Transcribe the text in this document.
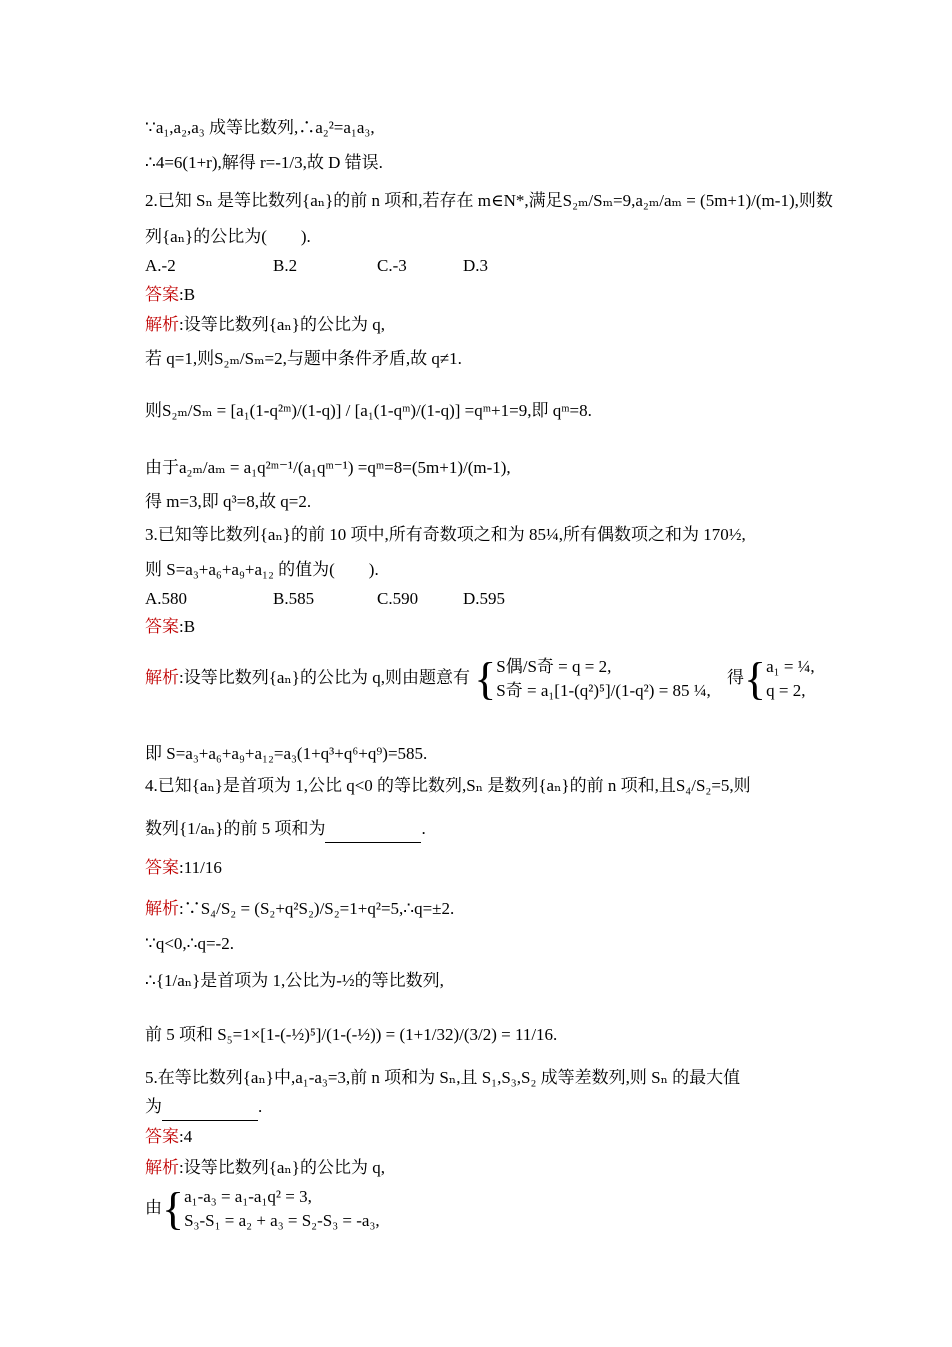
∵a₁,a₂,a₃ 成等比数列,∴a₂²=a₁a₃,
∴4=6(1+r),解得 r=-1/3,故 D 错误.
2.已知 Sₙ 是等比数列{aₙ}的前 n 项和,若存在 m∈N*,满足S₂ₘ/Sₘ=9,a₂ₘ/aₘ = (5m+1)/(m-1),则数
列{aₙ}的公比为(　　).
A.-2	B.2	C.-3	D.3
答案:B
解析:设等比数列{aₙ}的公比为 q,
若 q=1,则S₂ₘ/Sₘ=2,与题中条件矛盾,故 q≠1.
则S₂ₘ/Sₘ = [a₁(1-q²ᵐ)/(1-q)] / [a₁(1-qᵐ)/(1-q)] =qᵐ+1=9,即 qᵐ=8.
由于a₂ₘ/aₘ = a₁q²ᵐ⁻¹/(a₁qᵐ⁻¹) =qᵐ=8=(5m+1)/(m-1),
得 m=3,即 q³=8,故 q=2.
3.已知等比数列{aₙ}的前 10 项中,所有奇数项之和为 85¼,所有偶数项之和为 170½,
则 S=a₃+a₆+a₉+a₁₂ 的值为(　　).
A.580	B.585	C.590	D.595
答案:B
解析:设等比数列{aₙ}的公比为 q,则由题意有 { S偶/S奇 = q = 2,
S奇 = a₁[1-(q²)⁵]/(1-q²) = 85 ¼,
得{ a₁ = ¼,
q = 2,
即 S=a₃+a₆+a₉+a₁₂=a₃(1+q³+q⁶+q⁹)=585.
4.已知{aₙ}是首项为 1,公比 q<0 的等比数列,Sₙ 是数列{aₙ}的前 n 项和,且S₄/S₂=5,则
数列{1/aₙ}的前 5 项和为	.
答案:11/16
解析:∵S₄/S₂ = (S₂+q²S₂)/S₂=1+q²=5,∴q=±2.
∵q<0,∴q=-2.
∴{1/aₙ}是首项为 1,公比为-½的等比数列,
前 5 项和 S₅=1×[1-(-½)⁵]/(1-(-½)) = (1+1/32)/(3/2) = 11/16.
5.在等比数列{aₙ}中,a₁-a₃=3,前 n 项和为 Sₙ,且 S₁,S₃,S₂ 成等差数列,则 Sₙ 的最大值
为	.
答案:4
解析:设等比数列{aₙ}的公比为 q,
由{ a₁-a₃ = a₁-a₁q² = 3,
S₃-S₁ = a₂ + a₃ = S₂-S₃ = -a₃,
